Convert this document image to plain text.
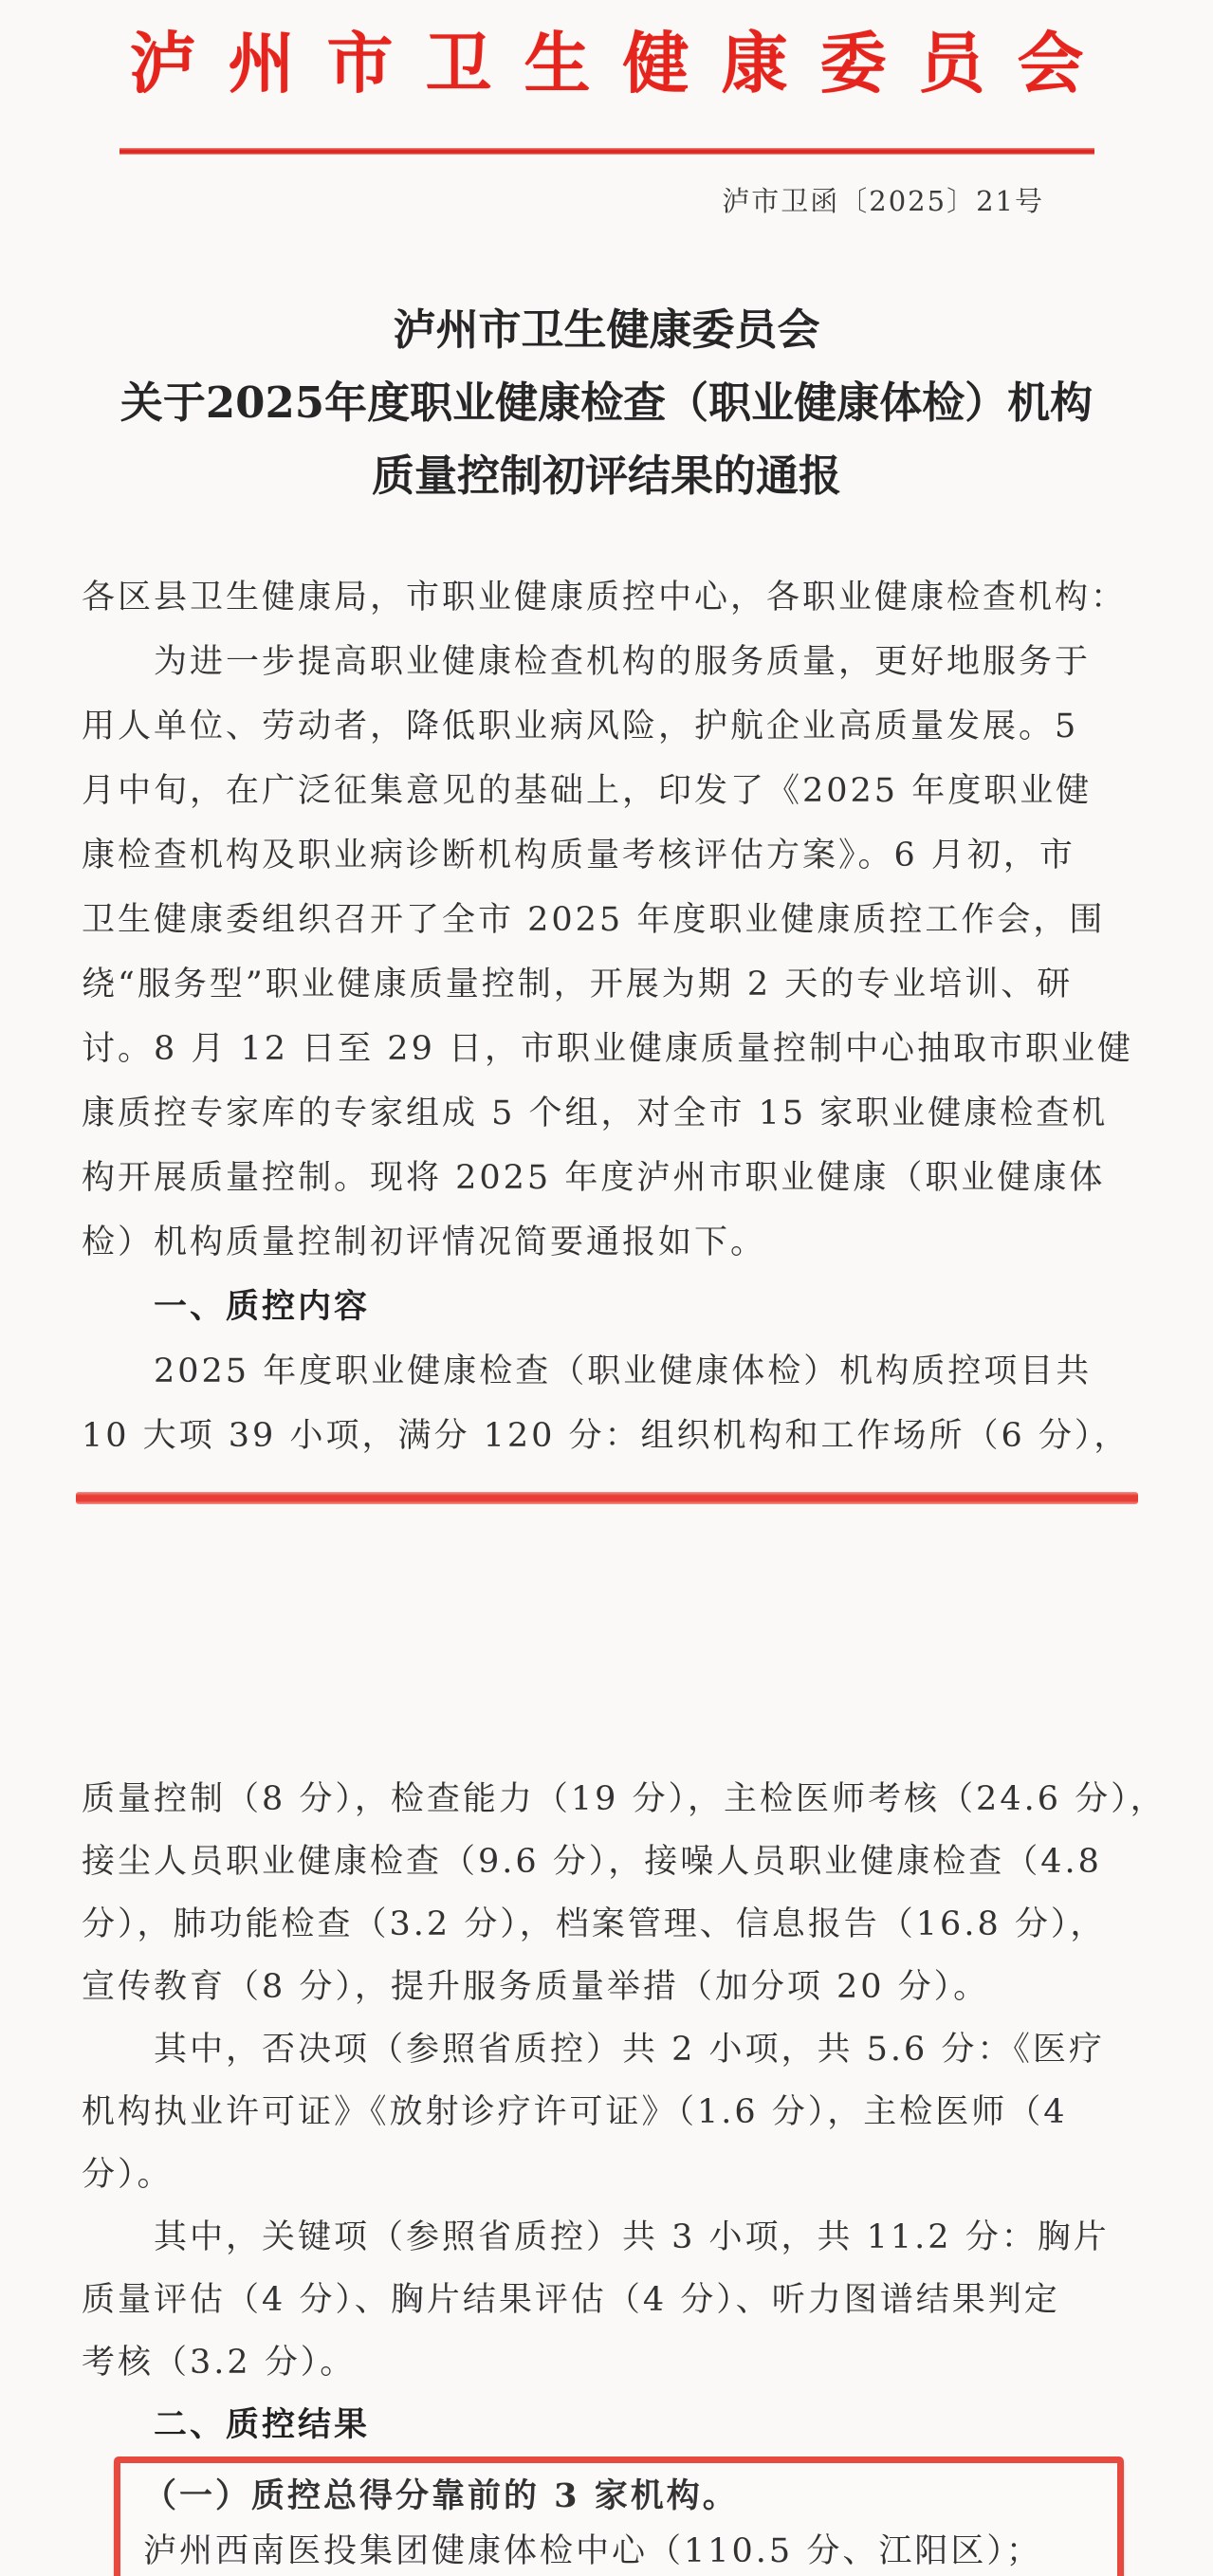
泸州市卫生健康委员会
泸市卫函〔2025〕21号
泸州市卫生健康委员会
关于2025年度职业健康检查（职业健康体检）机构
质量控制初评结果的通报
各区县卫生健康局，市职业健康质控中心，各职业健康检查机构：
　　为进一步提高职业健康检查机构的服务质量，更好地服务于
用人单位、劳动者，降低职业病风险，护航企业高质量发展。5
月中旬，在广泛征集意见的基础上，印发了《2025 年度职业健
康检查机构及职业病诊断机构质量考核评估方案》。6 月初，市
卫生健康委组织召开了全市 2025 年度职业健康质控工作会，围
绕“服务型”职业健康质量控制，开展为期 2 天的专业培训、研
讨。8 月 12 日至 29 日，市职业健康质量控制中心抽取市职业健
康质控专家库的专家组成 5 个组，对全市 15 家职业健康检查机
构开展质量控制。现将 2025 年度泸州市职业健康（职业健康体
检）机构质量控制初评情况简要通报如下。
　　一、质控内容
　　2025 年度职业健康检查（职业健康体检）机构质控项目共
10 大项 39 小项，满分 120 分：组织机构和工作场所（6 分），
质量控制（8 分），检查能力（19 分），主检医师考核（24.6 分），
接尘人员职业健康检查（9.6 分），接噪人员职业健康检查（4.8
分），肺功能检查（3.2 分），档案管理、信息报告（16.8 分），
宣传教育（8 分），提升服务质量举措（加分项 20 分）。
　　其中，否决项（参照省质控）共 2 小项，共 5.6 分：《医疗
机构执业许可证》《放射诊疗许可证》（1.6 分），主检医师（4
分）。
　　其中，关键项（参照省质控）共 3 小项，共 11.2 分：胸片
质量评估（4 分）、胸片结果评估（4 分）、听力图谱结果判定
考核（3.2 分）。
　　二、质控结果
（一）质控总得分靠前的 3 家机构。
泸州西南医投集团健康体检中心（110.5 分、江阳区）；
